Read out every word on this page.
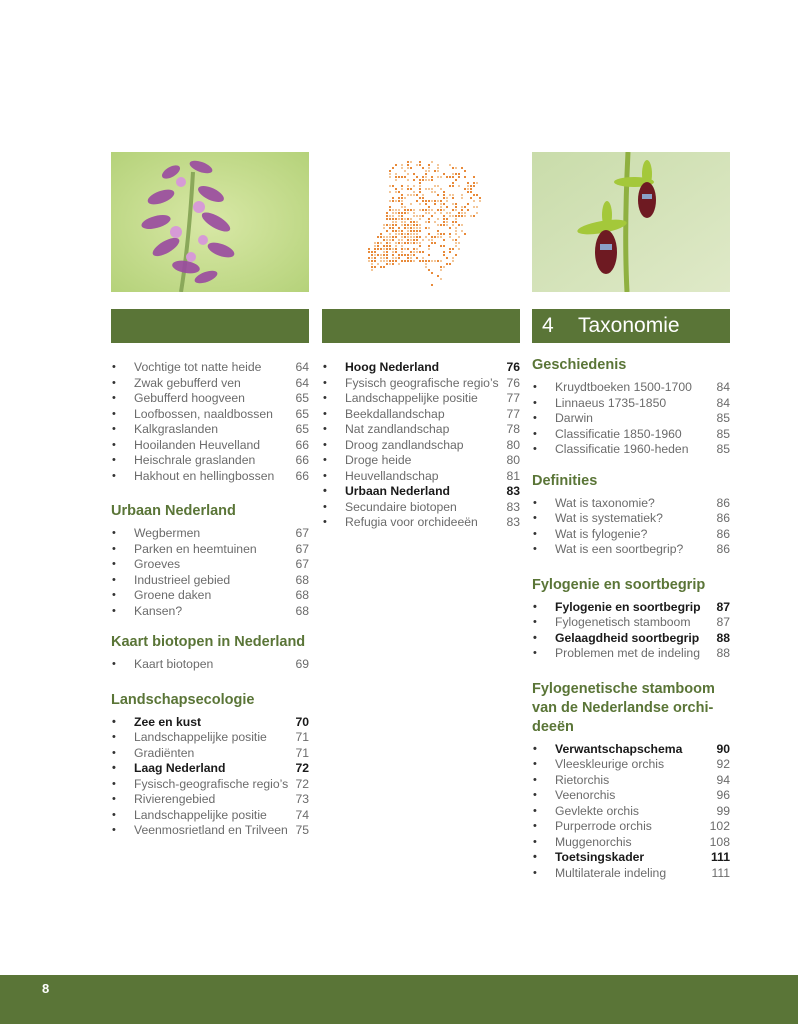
• Vochtige tot natte heide	64
• Zwak gebufferd ven	64
• Gebufferd hoogveen	65
• Loofbossen, naaldbossen 65
• Kalkgraslanden	65
• Hooilanden Heuvelland	66
• Heischrale graslanden	66
• Hakhout en hellingbossen 66
Urbaan Nederland
• Wegbermen	67
• Parken en heemtuinen	67
• Groeves	67
• Industrieel gebied	68
• Groene daken	68
• Kansen?	68
Kaart biotopen in Nederland
• Kaart biotopen	69
Landschapsecologie
• Zee en kust	70
• Landschappelijke positie 71
• Gradiënten	71
• Laag Nederland	72
• Fysisch-geografische regio’s 72
• Rivierengebied	73
• Landschappelijke positie 74
• Veenmosrietland en Trilveen 75
• Hoog Nederland	76
• Fysisch geografische regio’s 76
• Landschappelijke positie 77
• Beekdallandschap	77
• Nat zandlandschap	78
• Droog zandlandschap	80
• Droge heide	80
• Heuvellandschap	81
• Urbaan Nederland	83
• Secundaire biotopen	83
• Refugia voor orchideeën 83
4	Taxonomie
Geschiedenis
• Kruydtboeken 1500-1700 84
• Linnaeus 1735-1850	84
• Darwin	85
• Classificatie 1850-1960	85
• Classificatie 1960-heden 85
Definities
• Wat is taxonomie?	86
• Wat is systematiek?	86
• Wat is fylogenie?	86
• Wat is een soortbegrip?	86
Fylogenie en soortbegrip
• Fylogenie en soortbegrip 87
• Fylogenetisch stamboom 87
• Gelaagdheid soortbegrip 88
• Problemen met de indeling 88
Fylogenetische stamboom van de Nederlandse orchi-deeën
• Verwantschapschema	90
• Vleeskleurige orchis	92
• Rietorchis	94
• Veenorchis	96
• Gevlekte orchis	99
• Purperrode orchis	102
• Muggenorchis	108
• Toetsingskader	111
• Multilaterale indeling	111
8
